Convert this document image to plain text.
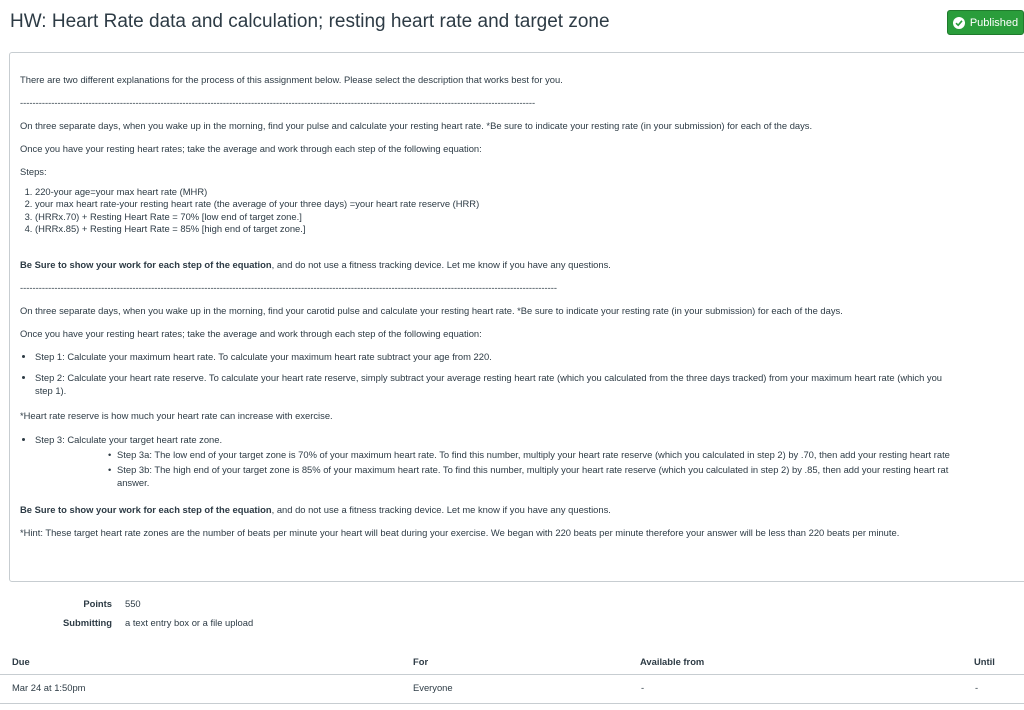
HW: Heart Rate data and calculation; resting heart rate and target zone	Published

There are two different explanations for the process of this assignment below. Please select the description that works best for you.

---------------------------------------------------------------------------------------------------------------------------------------------------------------------

On three separate days, when you wake up in the morning, find your pulse and calculate your resting heart rate. *Be sure to indicate your resting rate (in your submission) for each of the days.

Once you have your resting heart rates; take the average and work through each step of the following equation:

Steps:

1. 220-your age=your max heart rate (MHR)
2. your max heart rate-your resting heart rate (the average of your three days) =your heart rate reserve (HRR)
3. (HRRx.70) + Resting Heart Rate = 70% [low end of target zone.]
4. (HRRx.85) + Resting Heart Rate = 85% [high end of target zone.]

Be Sure to show your work for each step of the equation, and do not use a fitness tracking device. Let me know if you have any questions.

----------------------------------------------------------------------------------------------------------------------------------------------------------------------------

On three separate days, when you wake up in the morning, find your carotid pulse and calculate your resting heart rate. *Be sure to indicate your resting rate (in your submission) for each of the days.

Once you have your resting heart rates; take the average and work through each step of the following equation:

• Step 1: Calculate your maximum heart rate. To calculate your maximum heart rate subtract your age from 220.
• Step 2: Calculate your heart rate reserve. To calculate your heart rate reserve, simply subtract your average resting heart rate (which you calculated from the three days tracked) from your maximum heart rate (which you
step 1).

*Heart rate reserve is how much your heart rate can increase with exercise.

• Step 3: Calculate your target heart rate zone.
• Step 3a: The low end of your target zone is 70% of your maximum heart rate. To find this number, multiply your heart rate reserve (which you calculated in step 2) by .70, then add your resting heart rate
• Step 3b: The high end of your target zone is 85% of your maximum heart rate. To find this number, multiply your heart rate reserve (which you calculated in step 2) by .85, then add your resting heart rat
answer.

Be Sure to show your work for each step of the equation, and do not use a fitness tracking device. Let me know if you have any questions.

*Hint: These target heart rate zones are the number of beats per minute your heart will beat during your exercise. We began with 220 beats per minute therefore your answer will be less than 220 beats per minute.

Points 550
Submitting a text entry box or a file upload
Due	For	Available from	Until
Mar 24 at 1:50pm	Everyone	-	-
